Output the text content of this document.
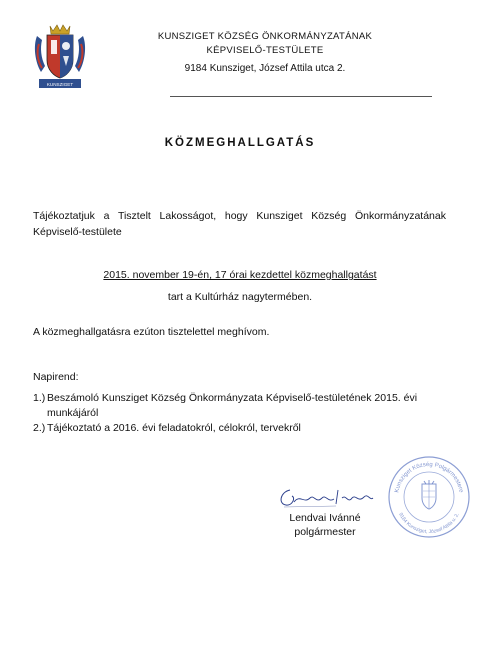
KUNSZIGET
KUNSZIGET KÖZSÉG ÖNKORMÁNYZATÁNAK
KÉPVISELŐ-TESTÜLETE
9184 Kunsziget, József Attila utca 2.
KÖZMEGHALLGATÁS
Tájékoztatjuk a Tisztelt Lakosságot, hogy Kunsziget Község Önkormányzatának Képviselő-testülete
2015. november 19-én, 17 órai kezdettel közmeghallgatást
tart a Kultúrház nagytermében.
A közmeghallgatásra ezúton tisztelettel meghívom.
Napirend:
1.) Beszámoló Kunsziget Község Önkormányzata Képviselő-testületének 2015. évi munkájáról
2.) Tájékoztató a 2016. évi feladatokról, célokról, tervekről
Lendvai Ivánné
polgármester
Kunsziget Község Polgármestere
9184 Kunsziget, József Attila u. 2.
